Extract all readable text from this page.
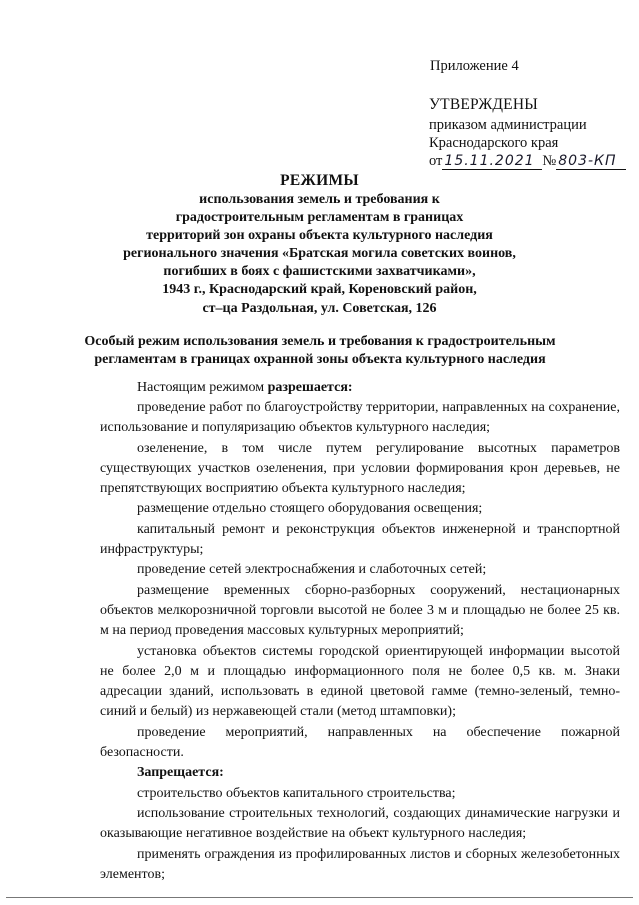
Приложение 4
УТВЕРЖДЕНЫ
приказом администрации
Краснодарского края
от 15.11.2021 № 803-КП
РЕЖИМЫ
использования земель и требования к
градостроительным регламентам в границах
территорий зон охраны объекта культурного наследия
регионального значения «Братская могила советских воинов,
погибших в боях с фашистскими захватчиками»,
1943 г., Краснодарский край, Кореновский район,
ст–ца Раздольная, ул. Советская, 126
Особый режим использования земель и требования к градостроительным
регламентам в границах охранной зоны объекта культурного наследия
Настоящим режимом разрешается:

проведение работ по благоустройству территории, направленных на сохранение, использование и популяризацию объектов культурного наследия;

озеленение, в том числе путем регулирование высотных параметров существующих участков озеленения, при условии формирования крон деревьев, не препятствующих восприятию объекта культурного наследия;

размещение отдельно стоящего оборудования освещения;

капитальный ремонт и реконструкция объектов инженерной и транспортной инфраструктуры;

проведение сетей электроснабжения и слаботочных сетей;

размещение временных сборно-разборных сооружений, нестационарных объектов мелкорозничной торговли высотой не более 3 м и площадью не более 25 кв. м на период проведения массовых культурных мероприятий;

установка объектов системы городской ориентирующей информации высотой не более 2,0 м и площадью информационного поля не более 0,5 кв. м. Знаки адресации зданий, использовать в единой цветовой гамме (темно-зеленый, темно-синий и белый) из нержавеющей стали (метод штамповки);

проведение мероприятий, направленных на обеспечение пожарной безопасности.

Запрещается:

строительство объектов капитального строительства;

использование строительных технологий, создающих динамические нагрузки и оказывающие негативное воздействие на объект культурного наследия;

применять ограждения из профилированных листов и сборных железобетонных элементов;
